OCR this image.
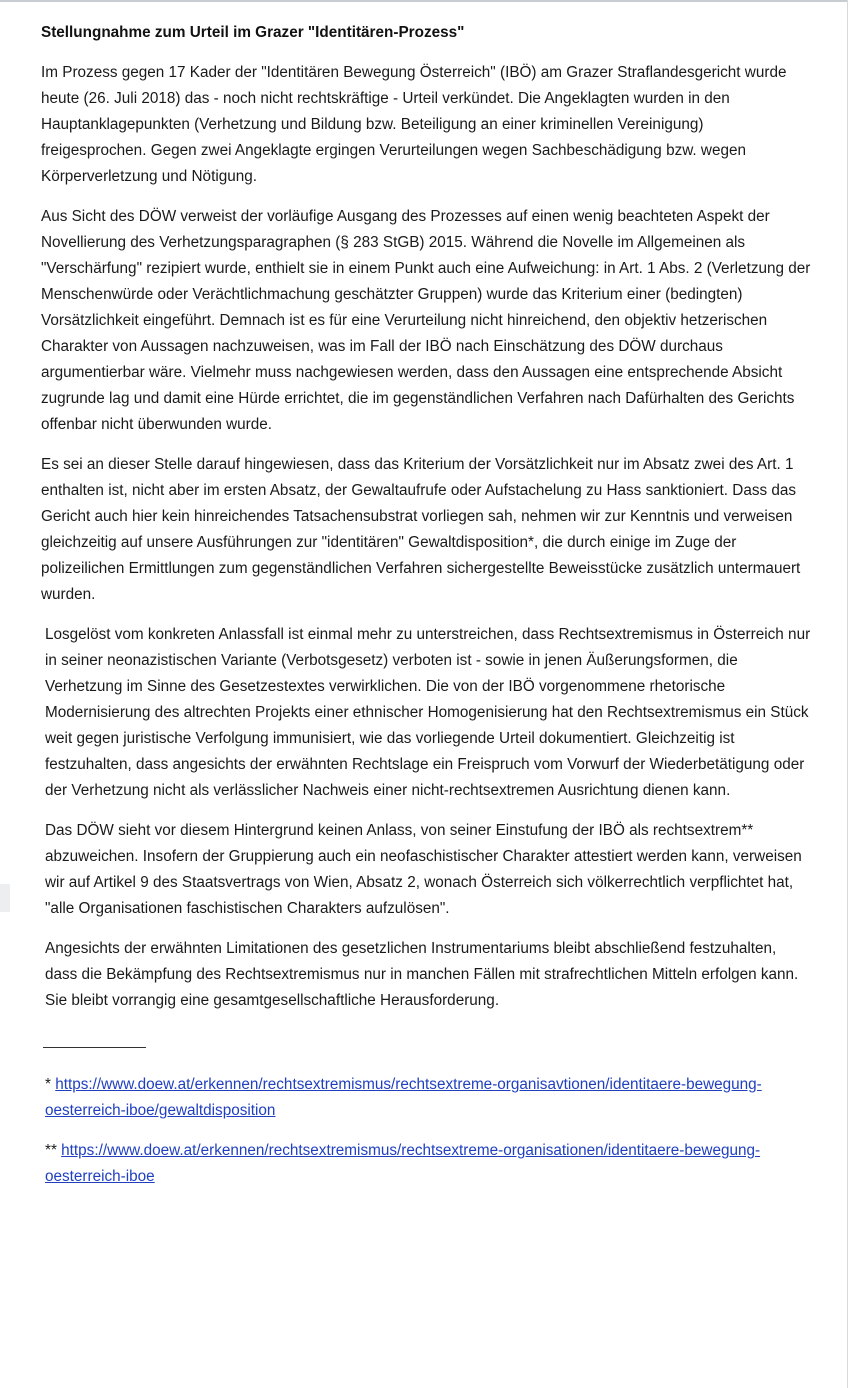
Stellungnahme zum Urteil im Grazer "Identitären-Prozess"

Im Prozess gegen 17 Kader der "Identitären Bewegung Österreich" (IBÖ) am Grazer Straflandesgericht wurde heute (26. Juli 2018) das - noch nicht rechtskräftige - Urteil verkündet. Die Angeklagten wurden in den Hauptanklagepunkten (Verhetzung und Bildung bzw. Beteiligung an einer kriminellen Vereinigung) freigesprochen. Gegen zwei Angeklagte ergingen Verurteilungen wegen Sachbeschädigung bzw. wegen Körperverletzung und Nötigung.

Aus Sicht des DÖW verweist der vorläufige Ausgang des Prozesses auf einen wenig beachteten Aspekt der Novellierung des Verhetzungsparagraphen (§ 283 StGB) 2015. Während die Novelle im Allgemeinen als "Verschärfung" rezipiert wurde, enthielt sie in einem Punkt auch eine Aufweichung: in Art. 1 Abs. 2 (Verletzung der Menschenwürde oder Verächtlichmachung geschätzter Gruppen) wurde das Kriterium einer (bedingten) Vorsätzlichkeit eingeführt. Demnach ist es für eine Verurteilung nicht hinreichend, den objektiv hetzerischen Charakter von Aussagen nachzuweisen, was im Fall der IBÖ nach Einschätzung des DÖW durchaus argumentierbar wäre. Vielmehr muss nachgewiesen werden, dass den Aussagen eine entsprechende Absicht zugrunde lag und damit eine Hürde errichtet, die im gegenständlichen Verfahren nach Dafürhalten des Gerichts offenbar nicht überwunden wurde.

Es sei an dieser Stelle darauf hingewiesen, dass das Kriterium der Vorsätzlichkeit nur im Absatz zwei des Art. 1 enthalten ist, nicht aber im ersten Absatz, der Gewaltaufrufe oder Aufstachelung zu Hass sanktioniert. Dass das Gericht auch hier kein hinreichendes Tatsachensubstrat vorliegen sah, nehmen wir zur Kenntnis und verweisen gleichzeitig auf unsere Ausführungen zur "identitären" Gewaltdisposition*, die durch einige im Zuge der polizeilichen Ermittlungen zum gegenständlichen Verfahren sichergestellte Beweisstücke zusätzlich untermauert wurden.

Losgelöst vom konkreten Anlassfall ist einmal mehr zu unterstreichen, dass Rechtsextremismus in Österreich nur in seiner neonazistischen Variante (Verbotsgesetz) verboten ist - sowie in jenen Äußerungsformen, die Verhetzung im Sinne des Gesetzestextes verwirklichen. Die von der IBÖ vorgenommene rhetorische Modernisierung des altrechten Projekts einer ethnischer Homogenisierung hat den Rechtsextremismus ein Stück weit gegen juristische Verfolgung immunisiert, wie das vorliegende Urteil dokumentiert. Gleichzeitig ist festzuhalten, dass angesichts der erwähnten Rechtslage ein Freispruch vom Vorwurf der Wiederbetätigung oder der Verhetzung nicht als verlässlicher Nachweis einer nicht-rechtsextremen Ausrichtung dienen kann.

Das DÖW sieht vor diesem Hintergrund keinen Anlass, von seiner Einstufung der IBÖ als rechtsextrem** abzuweichen. Insofern der Gruppierung auch ein neofaschistischer Charakter attestiert werden kann, verweisen wir auf Artikel 9 des Staatsvertrags von Wien, Absatz 2, wonach Österreich sich völkerrechtlich verpflichtet hat, "alle Organisationen faschistischen Charakters aufzulösen".

Angesichts der erwähnten Limitationen des gesetzlichen Instrumentariums bleibt abschließend festzuhalten, dass die Bekämpfung des Rechtsextremismus nur in manchen Fällen mit strafrechtlichen Mitteln erfolgen kann. Sie bleibt vorrangig eine gesamtgesellschaftliche Herausforderung.

* https://www.doew.at/erkennen/rechtsextremismus/rechtsextreme-organisavtionen/identitaere-bewegung-oesterreich-iboe/gewaltdisposition
** https://www.doew.at/erkennen/rechtsextremismus/rechtsextreme-organisationen/identitaere-bewegung-oesterreich-iboe
